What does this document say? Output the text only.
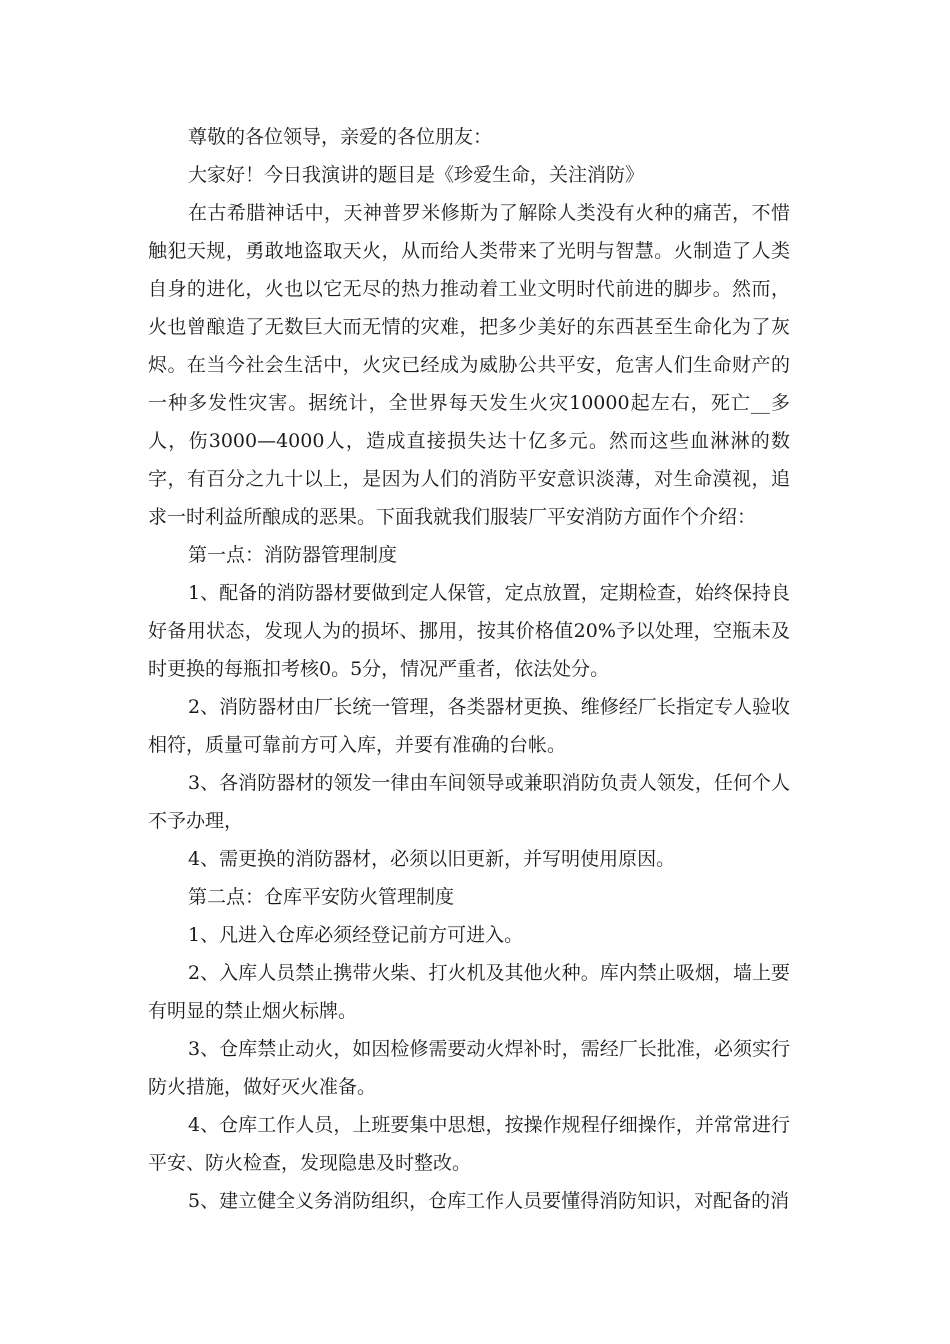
尊敬的各位领导，亲爱的各位朋友：

大家好！今日我演讲的题目是《珍爱生命，关注消防》

在古希腊神话中，天神普罗米修斯为了解除人类没有火种的痛苦，不惜触犯天规，勇敢地盗取天火，从而给人类带来了光明与智慧。火制造了人类自身的进化，火也以它无尽的热力推动着工业文明时代前进的脚步。然而，火也曾酿造了无数巨大而无情的灾难，把多少美好的东西甚至生命化为了灰烬。在当今社会生活中，火灾已经成为威胁公共平安，危害人们生命财产的一种多发性灾害。据统计，全世界每天发生火灾10000起左右，死亡__多人，伤3000—4000人，造成直接损失达十亿多元。然而这些血淋淋的数字，有百分之九十以上，是因为人们的消防平安意识淡薄，对生命漠视，追求一时利益所酿成的恶果。下面我就我们服装厂平安消防方面作个介绍：

第一点：消防器管理制度

1、配备的消防器材要做到定人保管，定点放置，定期检查，始终保持良好备用状态，发现人为的损坏、挪用，按其价格值20%予以处理，空瓶未及时更换的每瓶扣考核0。5分，情况严重者，依法处分。

2、消防器材由厂长统一管理，各类器材更换、维修经厂长指定专人验收相符，质量可靠前方可入库，并要有准确的台帐。

3、各消防器材的领发一律由车间领导或兼职消防负责人领发，任何个人不予办理，

4、需更换的消防器材，必须以旧更新，并写明使用原因。

第二点：仓库平安防火管理制度

1、凡进入仓库必须经登记前方可进入。

2、入库人员禁止携带火柴、打火机及其他火种。库内禁止吸烟，墙上要有明显的禁止烟火标牌。

3、仓库禁止动火，如因检修需要动火焊补时，需经厂长批准，必须实行防火措施，做好灭火准备。

4、仓库工作人员，上班要集中思想，按操作规程仔细操作，并常常进行平安、防火检查，发现隐患及时整改。

5、建立健全义务消防组织，仓库工作人员要懂得消防知识，对配备的消
